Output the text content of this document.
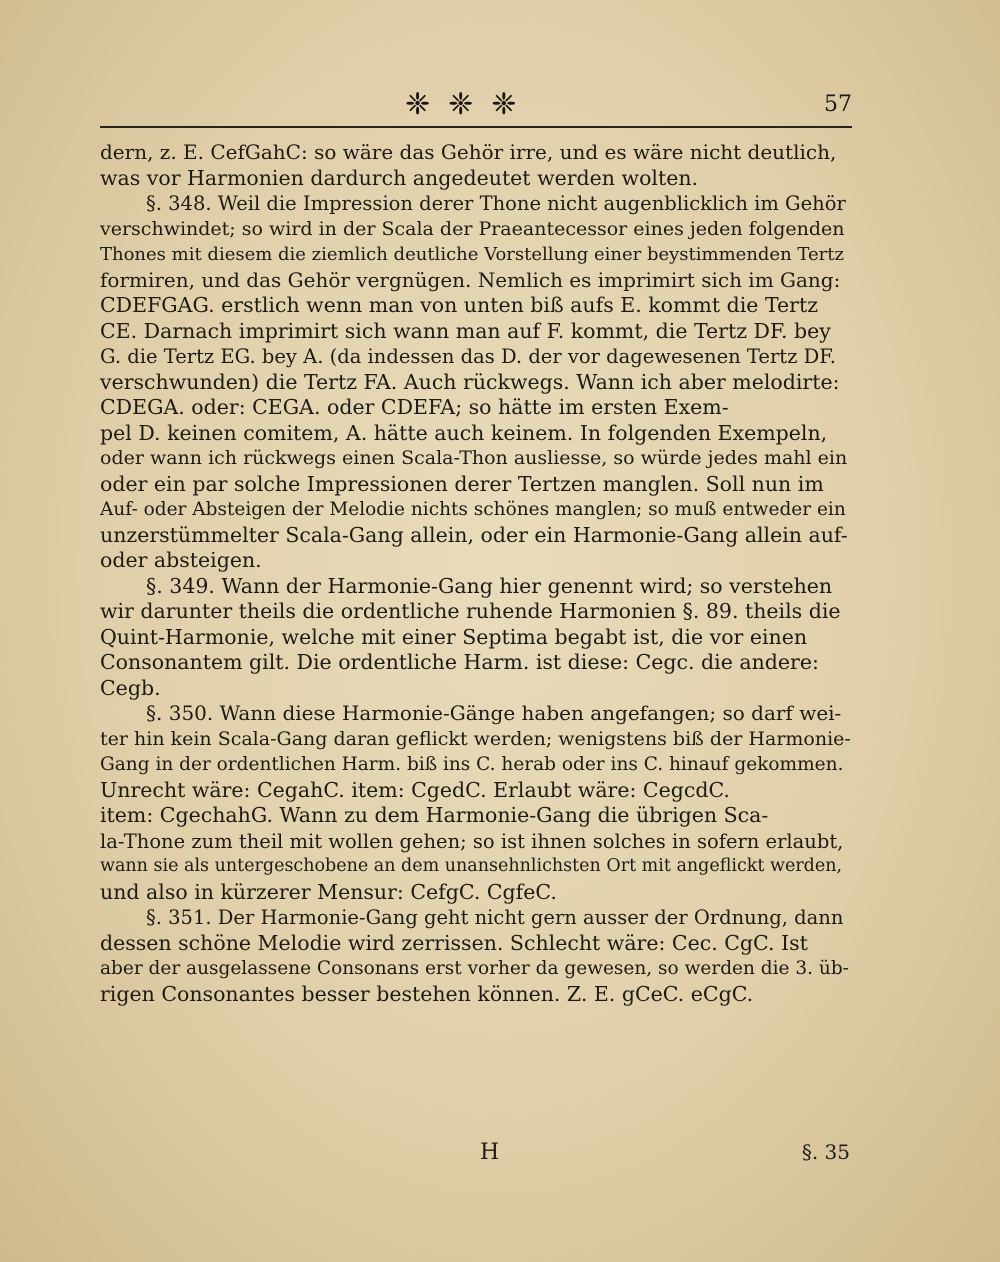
❈ ❈ ❈	57
dern, z. E. CefGahC: so wäre das Gehör irre, und es wäre nicht deutlich,
was vor Harmonien dardurch angedeutet werden wolten.
§. 348. Weil die Impression derer Thone nicht augenblicklich im Gehör
verschwindet; so wird in der Scala der Praeantecessor eines jeden folgenden
Thones mit diesem die ziemlich deutliche Vorstellung einer beystimmenden Tertz
formiren, und das Gehör vergnügen. Nemlich es imprimirt sich im Gang:
CDEFGAG. erstlich wenn man von unten biß aufs E. kommt die Tertz
CE. Darnach imprimirt sich wann man auf F. kommt, die Tertz DF. bey
G. die Tertz EG. bey A. (da indessen das D. der vor dagewesenen Tertz DF.
verschwunden) die Tertz FA. Auch rückwegs. Wann ich aber melodirte:
CDEGA. oder: CEGA. oder CDEFA; so hätte im ersten Exem-
pel D. keinen comitem, A. hätte auch keinem. In folgenden Exempeln,
oder wann ich rückwegs einen Scala-Thon ausliesse, so würde jedes mahl ein
oder ein par solche Impressionen derer Tertzen manglen. Soll nun im
Auf- oder Absteigen der Melodie nichts schönes manglen; so muß entweder ein
unzerstümmelter Scala-Gang allein, oder ein Harmonie-Gang allein auf-
oder absteigen.
§. 349. Wann der Harmonie-Gang hier genennt wird; so verstehen
wir darunter theils die ordentliche ruhende Harmonien §. 89. theils die
Quint-Harmonie, welche mit einer Septima begabt ist, die vor einen
Consonantem gilt. Die ordentliche Harm. ist diese: Cegc. die andere:
Cegb.
§. 350. Wann diese Harmonie-Gänge haben angefangen; so darf wei-
ter hin kein Scala-Gang daran geflickt werden; wenigstens biß der Harmonie-
Gang in der ordentlichen Harm. biß ins C. herab oder ins C. hinauf gekommen.
Unrecht wäre: CegahC. item: CgedC. Erlaubt wäre: CegcdC.
item: CgechahG. Wann zu dem Harmonie-Gang die übrigen Sca-
la-Thone zum theil mit wollen gehen; so ist ihnen solches in sofern erlaubt,
wann sie als untergeschobene an dem unansehnlichsten Ort mit angeflickt werden,
und also in kürzerer Mensur: CefgC. CgfeC.
§. 351. Der Harmonie-Gang geht nicht gern ausser der Ordnung, dann
dessen schöne Melodie wird zerrissen. Schlecht wäre: Cec. CgC. Ist
aber der ausgelassene Consonans erst vorher da gewesen, so werden die 3. üb-
rigen Consonantes besser bestehen können. Z. E. gCeC. eCgC.
H	§. 35
